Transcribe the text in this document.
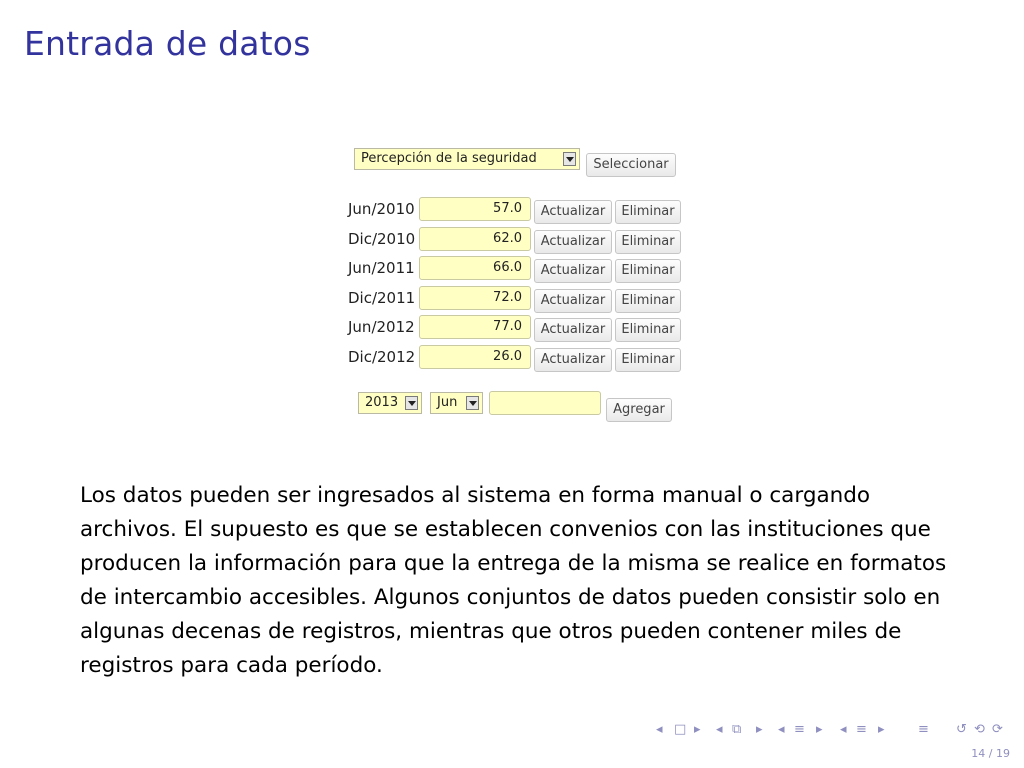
Entrada de datos
Percepción de la seguridad	Seleccionar
Jun/2010	57.0	Actualizar	Eliminar
Dic/2010	62.0	Actualizar	Eliminar
Jun/2011	66.0	Actualizar	Eliminar
Dic/2011	72.0	Actualizar	Eliminar
Jun/2012	77.0	Actualizar	Eliminar
Dic/2012	26.0	Actualizar	Eliminar
2013	Jun	Agregar
Los datos pueden ser ingresados al sistema en forma manual o cargando archivos. El supuesto es que se establecen convenios con las instituciones que producen la información para que la entrega de la misma se realice en formatos de intercambio accesibles. Algunos conjuntos de datos pueden consistir solo en algunas decenas de registros, mientras que otros pueden contener miles de registros para cada período.
◂ □ ▸ ◂ ⧉ ▸ ◂ ≡ ▸ ◂ ≡ ▸	≡ ↺ ⟲ ⟳
14 / 19
